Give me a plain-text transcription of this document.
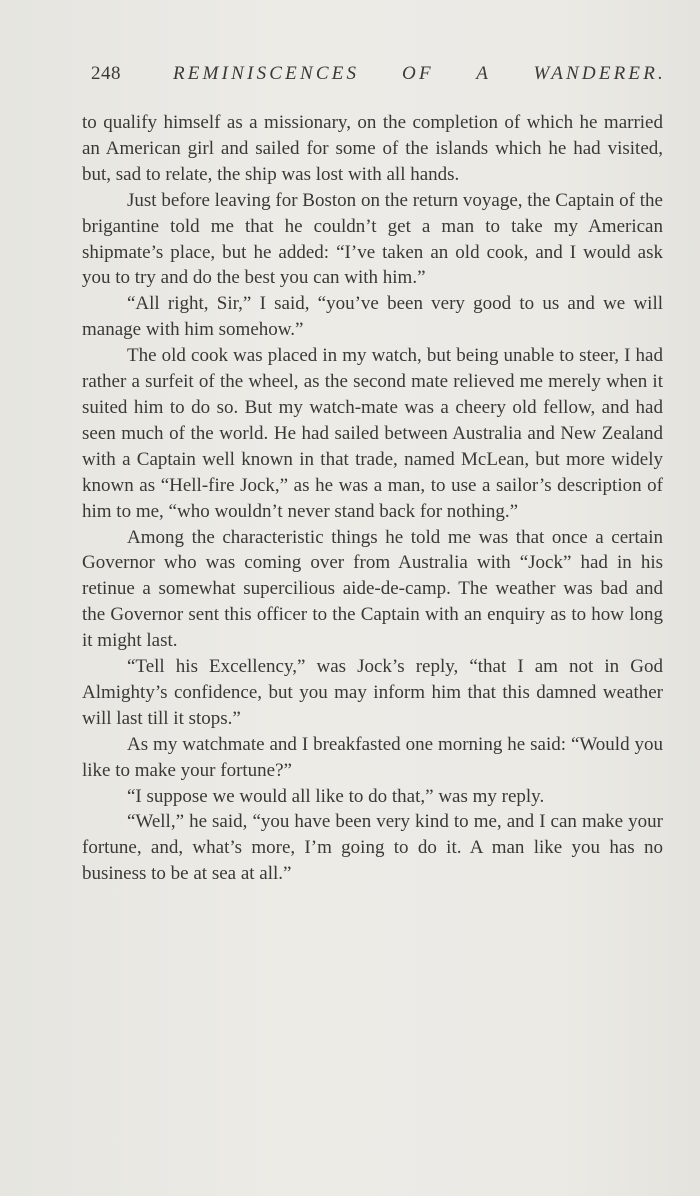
248	REMINISCENCES OF A WANDERER.

to qualify himself as a missionary, on the completion of which he married an American girl and sailed for some of the islands which he had visited, but, sad to relate, the ship was lost with all hands.

Just before leaving for Boston on the return voyage, the Captain of the brigantine told me that he couldn’t get a man to take my American shipmate’s place, but he added: “I’ve taken an old cook, and I would ask you to try and do the best you can with him.”

“All right, Sir,” I said, “you’ve been very good to us and we will manage with him somehow.”

The old cook was placed in my watch, but being unable to steer, I had rather a surfeit of the wheel, as the second mate relieved me merely when it suited him to do so. But my watch-mate was a cheery old fellow, and had seen much of the world. He had sailed between Australia and New Zealand with a Captain well known in that trade, named McLean, but more widely known as “Hell-fire Jock,” as he was a man, to use a sailor’s description of him to me, “who wouldn’t never stand back for nothing.”

Among the characteristic things he told me was that once a certain Governor who was coming over from Australia with “Jock” had in his retinue a somewhat supercilious aide-de-camp. The weather was bad and the Governor sent this officer to the Captain with an enquiry as to how long it might last.

“Tell his Excellency,” was Jock’s reply, “that I am not in God Almighty’s confidence, but you may inform him that this damned weather will last till it stops.”

As my watchmate and I breakfasted one morning he said: “Would you like to make your fortune?”

“I suppose we would all like to do that,” was my reply.

“Well,” he said, “you have been very kind to me, and I can make your fortune, and, what’s more, I’m going to do it. A man like you has no business to be at sea at all.”
